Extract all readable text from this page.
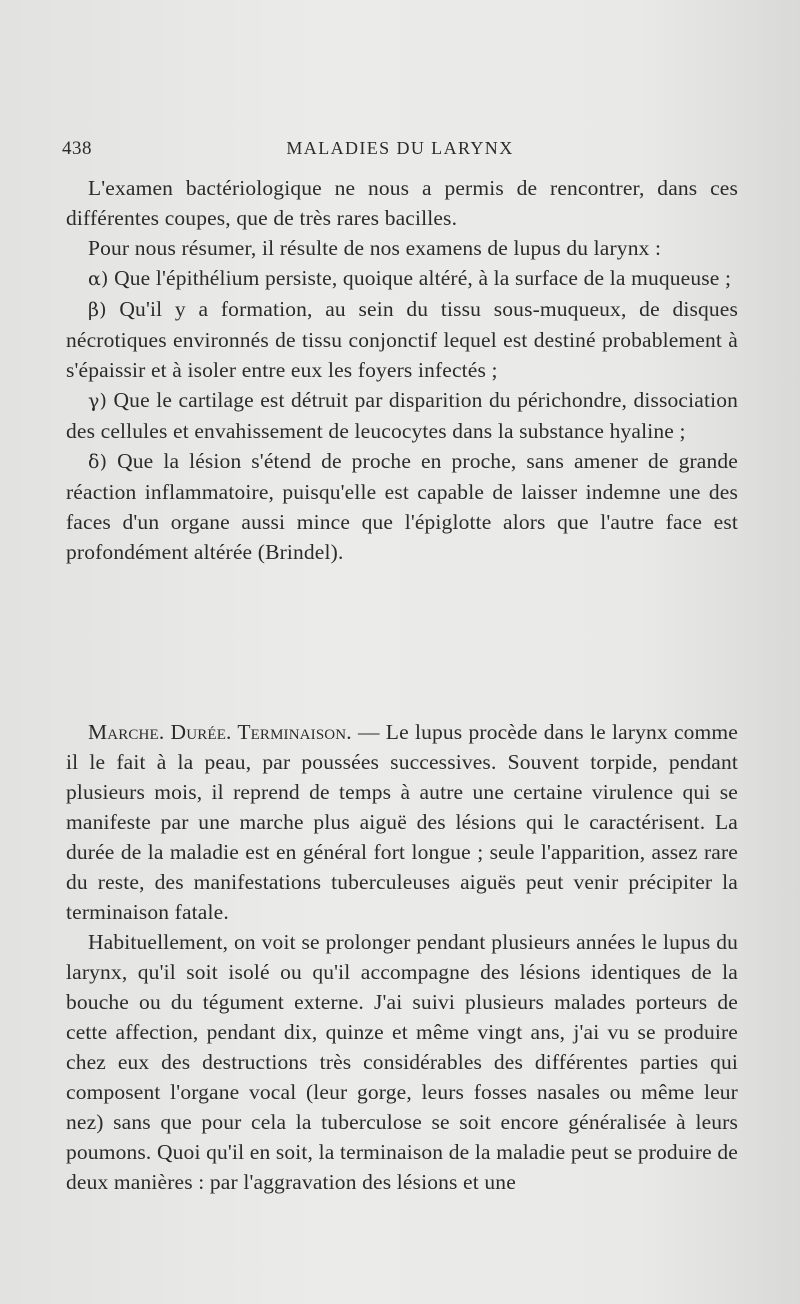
438	MALADIES DU LARYNX

L'examen bactériologique ne nous a permis de rencontrer, dans ces différentes coupes, que de très rares bacilles.

Pour nous résumer, il résulte de nos examens de lupus du larynx :

α) Que l'épithélium persiste, quoique altéré, à la surface de la muqueuse ;

β) Qu'il y a formation, au sein du tissu sous-muqueux, de disques nécrotiques environnés de tissu conjonctif lequel est destiné probablement à s'épaissir et à isoler entre eux les foyers infectés ;

γ) Que le cartilage est détruit par disparition du périchondre, dissociation des cellules et envahissement de leucocytes dans la substance hyaline ;

δ) Que la lésion s'étend de proche en proche, sans amener de grande réaction inflammatoire, puisqu'elle est capable de laisser indemne une des faces d'un organe aussi mince que l'épiglotte alors que l'autre face est profondément altérée (Brindel).

Marche. Durée. Terminaison. — Le lupus procède dans le larynx comme il le fait à la peau, par poussées successives. Souvent torpide, pendant plusieurs mois, il reprend de temps à autre une certaine virulence qui se manifeste par une marche plus aiguë des lésions qui le caractérisent. La durée de la maladie est en général fort longue ; seule l'apparition, assez rare du reste, des manifestations tuberculeuses aiguës peut venir précipiter la terminaison fatale.

Habituellement, on voit se prolonger pendant plusieurs années le lupus du larynx, qu'il soit isolé ou qu'il accompagne des lésions identiques de la bouche ou du tégument externe. J'ai suivi plusieurs malades porteurs de cette affection, pendant dix, quinze et même vingt ans, j'ai vu se produire chez eux des destructions très considérables des différentes parties qui composent l'organe vocal (leur gorge, leurs fosses nasales ou même leur nez) sans que pour cela la tuberculose se soit encore généralisée à leurs poumons. Quoi qu'il en soit, la terminaison de la maladie peut se produire de deux manières : par l'aggravation des lésions et une
